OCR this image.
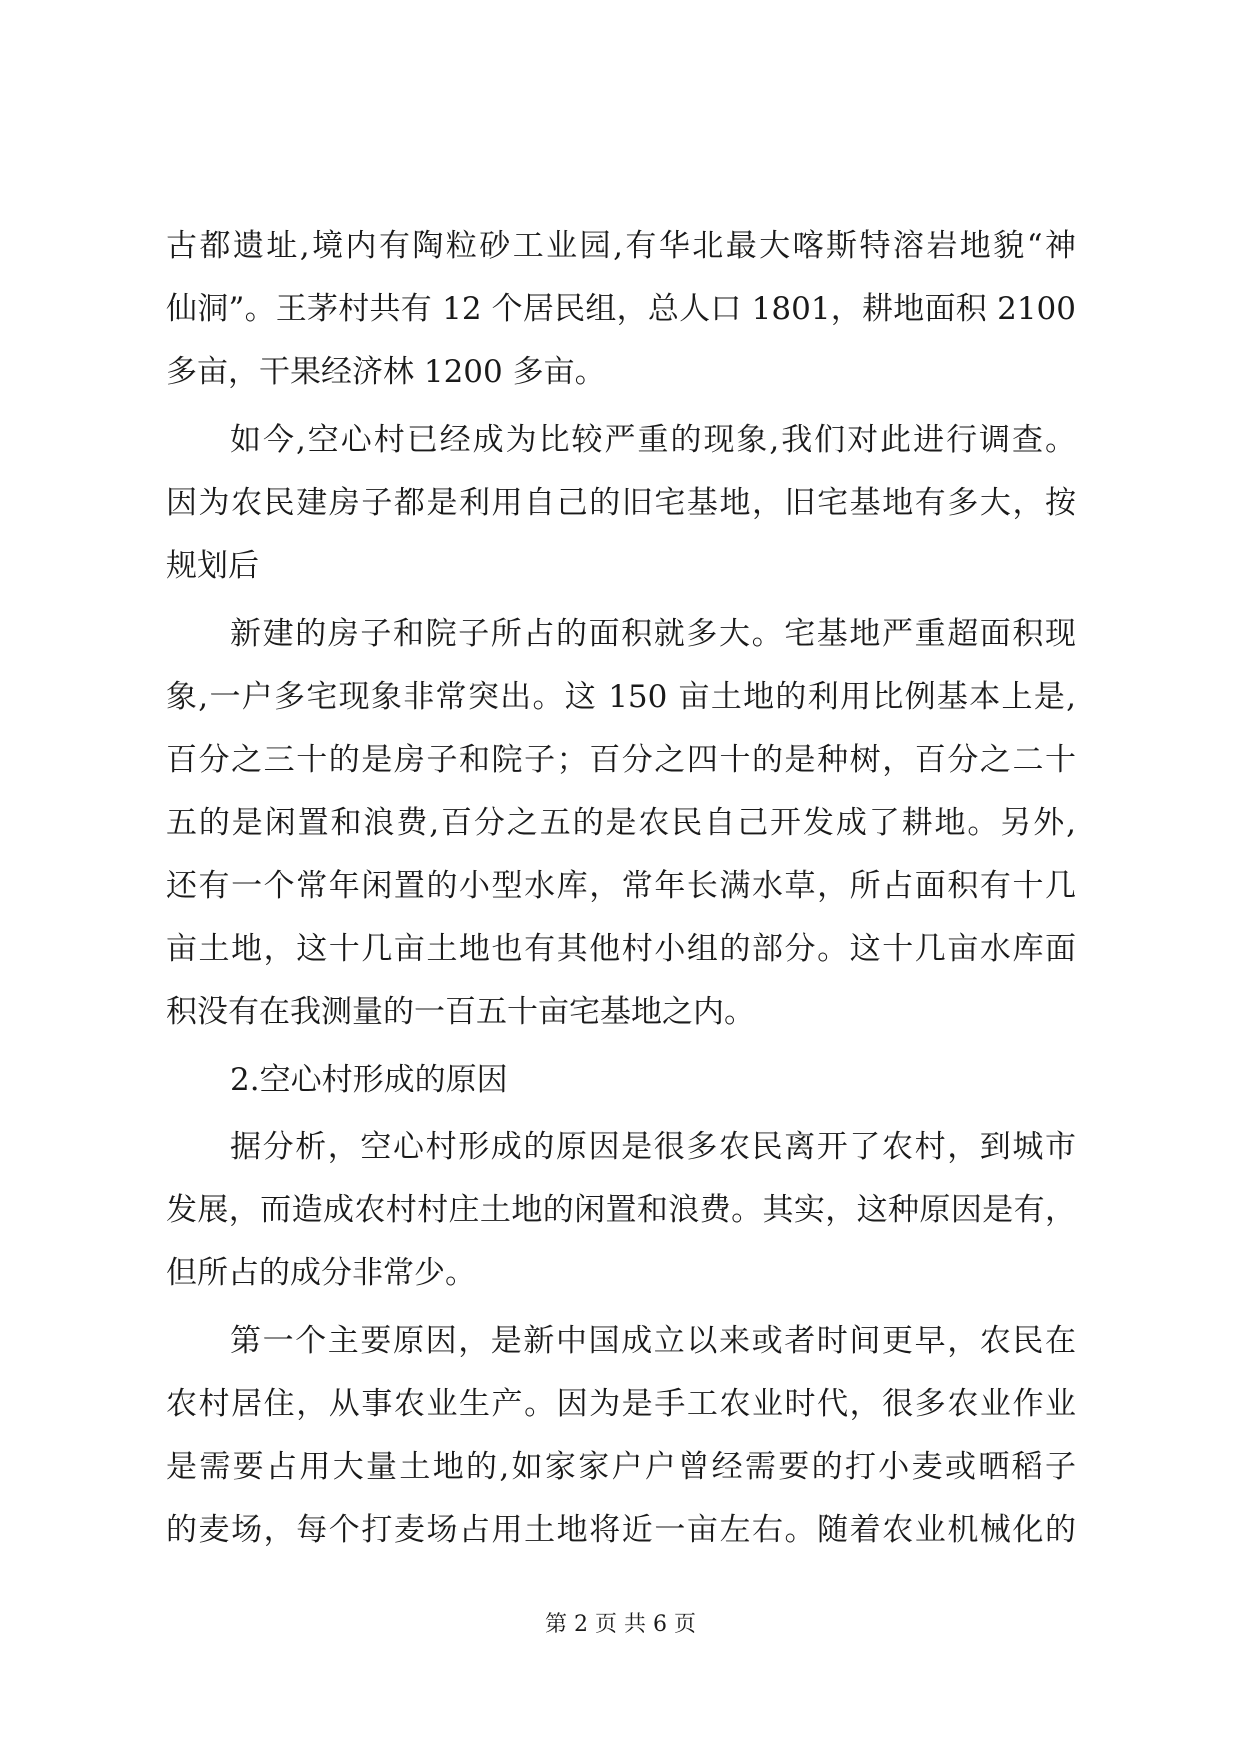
古都遗址,境内有陶粒砂工业园,有华北最大喀斯特溶岩地貌“神
仙洞”。王茅村共有 12 个居民组，总人口 1801，耕地面积 2100
多亩，干果经济林 1200 多亩。
如今,空心村已经成为比较严重的现象,我们对此进行调查。
因为农民建房子都是利用自己的旧宅基地，旧宅基地有多大，按
规划后
新建的房子和院子所占的面积就多大。宅基地严重超面积现
象,一户多宅现象非常突出。这 150 亩土地的利用比例基本上是,
百分之三十的是房子和院子；百分之四十的是种树，百分之二十
五的是闲置和浪费,百分之五的是农民自己开发成了耕地。另外,
还有一个常年闲置的小型水库，常年长满水草，所占面积有十几
亩土地，这十几亩土地也有其他村小组的部分。这十几亩水库面
积没有在我测量的一百五十亩宅基地之内。
2.空心村形成的原因
据分析，空心村形成的原因是很多农民离开了农村，到城市
发展，而造成农村村庄土地的闲置和浪费。其实，这种原因是有，
但所占的成分非常少。
第一个主要原因，是新中国成立以来或者时间更早，农民在
农村居住，从事农业生产。因为是手工农业时代，很多农业作业
是需要占用大量土地的,如家家户户曾经需要的打小麦或晒稻子
的麦场，每个打麦场占用土地将近一亩左右。随着农业机械化的
第 2 页 共 6 页
